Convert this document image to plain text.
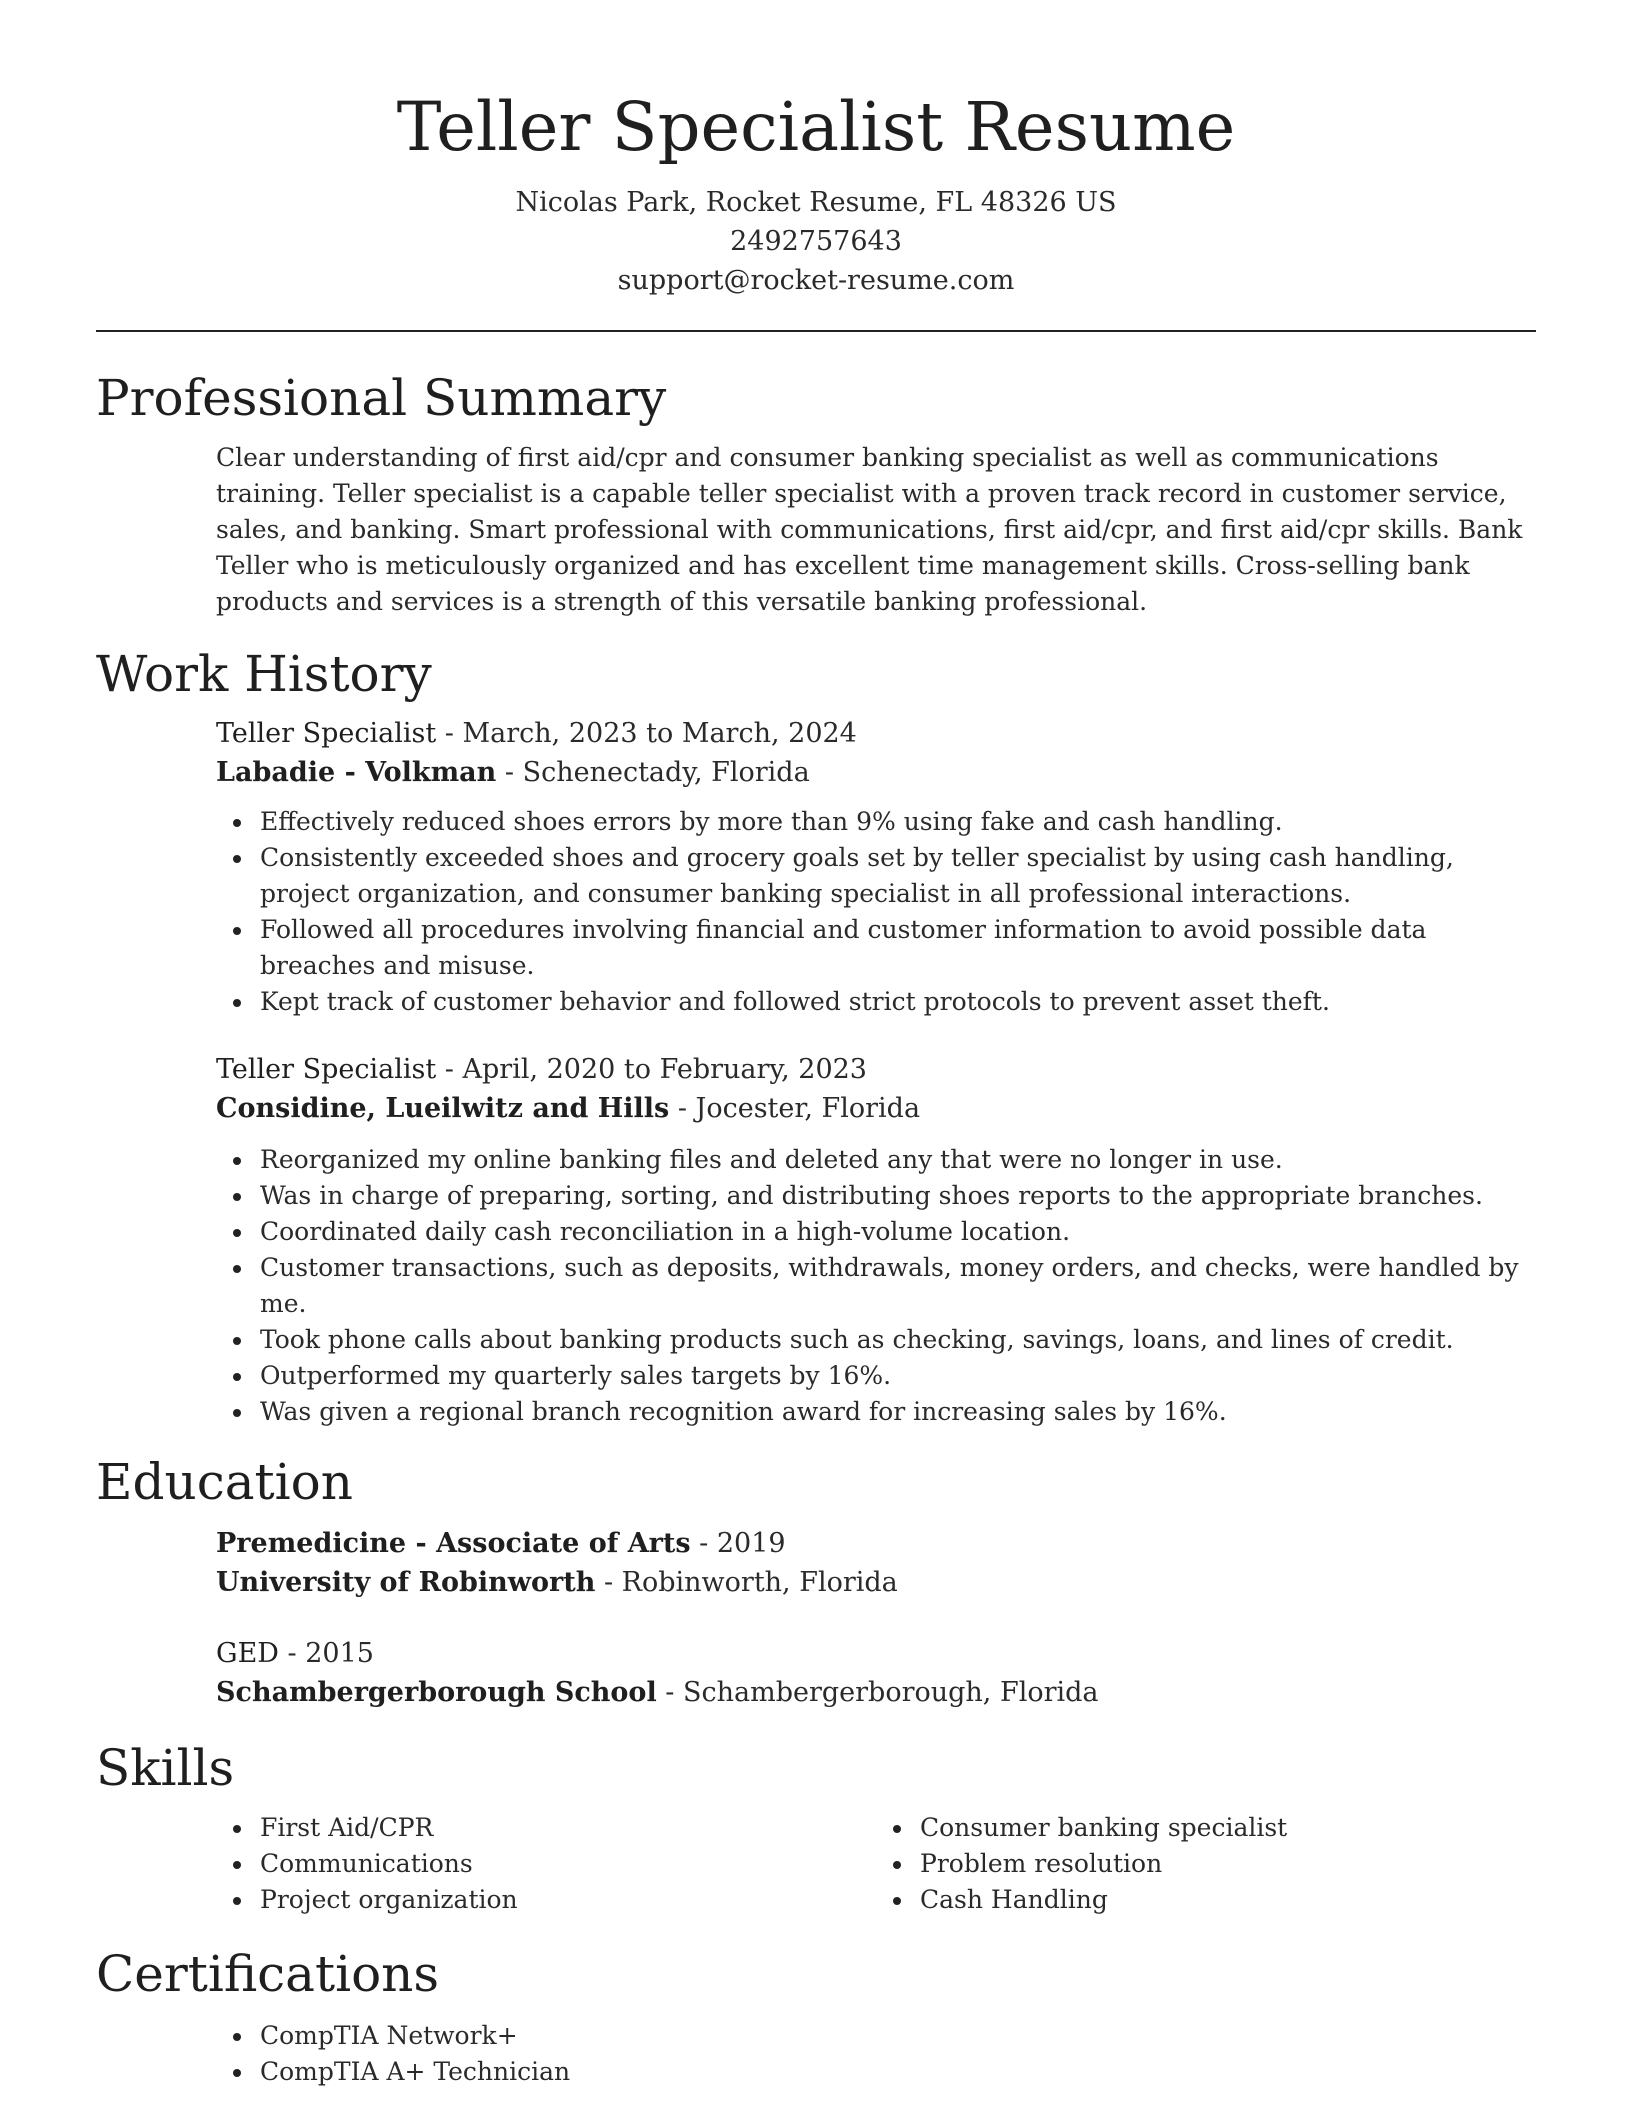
Teller Specialist Resume
Nicolas Park, Rocket Resume, FL 48326 US
2492757643
support@rocket-resume.com
Professional Summary

Clear understanding of first aid/cpr and consumer banking specialist as well as communications training. Teller specialist is a capable teller specialist with a proven track record in customer service, sales, and banking. Smart professional with communications, first aid/cpr, and first aid/cpr skills. Bank Teller who is meticulously organized and has excellent time management skills. Cross-selling bank products and services is a strength of this versatile banking professional.

Work History
Teller Specialist - March, 2023 to March, 2024
Labadie - Volkman - Schenectady, Florida
Effectively reduced shoes errors by more than 9% using fake and cash handling.
Consistently exceeded shoes and grocery goals set by teller specialist by using cash handling, project organization, and consumer banking specialist in all professional interactions.
Followed all procedures involving financial and customer information to avoid possible data breaches and misuse.
Kept track of customer behavior and followed strict protocols to prevent asset theft.
Teller Specialist - April, 2020 to February, 2023
Considine, Lueilwitz and Hills - Jocester, Florida
Reorganized my online banking files and deleted any that were no longer in use.
Was in charge of preparing, sorting, and distributing shoes reports to the appropriate branches.
Coordinated daily cash reconciliation in a high-volume location.
Customer transactions, such as deposits, withdrawals, money orders, and checks, were handled by me.
Took phone calls about banking products such as checking, savings, loans, and lines of credit.
Outperformed my quarterly sales targets by 16%.
Was given a regional branch recognition award for increasing sales by 16%.
Education
Premedicine - Associate of Arts - 2019
University of Robinworth - Robinworth, Florida
GED - 2015
Schambergerborough School - Schambergerborough, Florida
Skills
First Aid/CPR
Communications
Project organization
Consumer banking specialist
Problem resolution
Cash Handling
Certifications
CompTIA Network+
CompTIA A+ Technician
